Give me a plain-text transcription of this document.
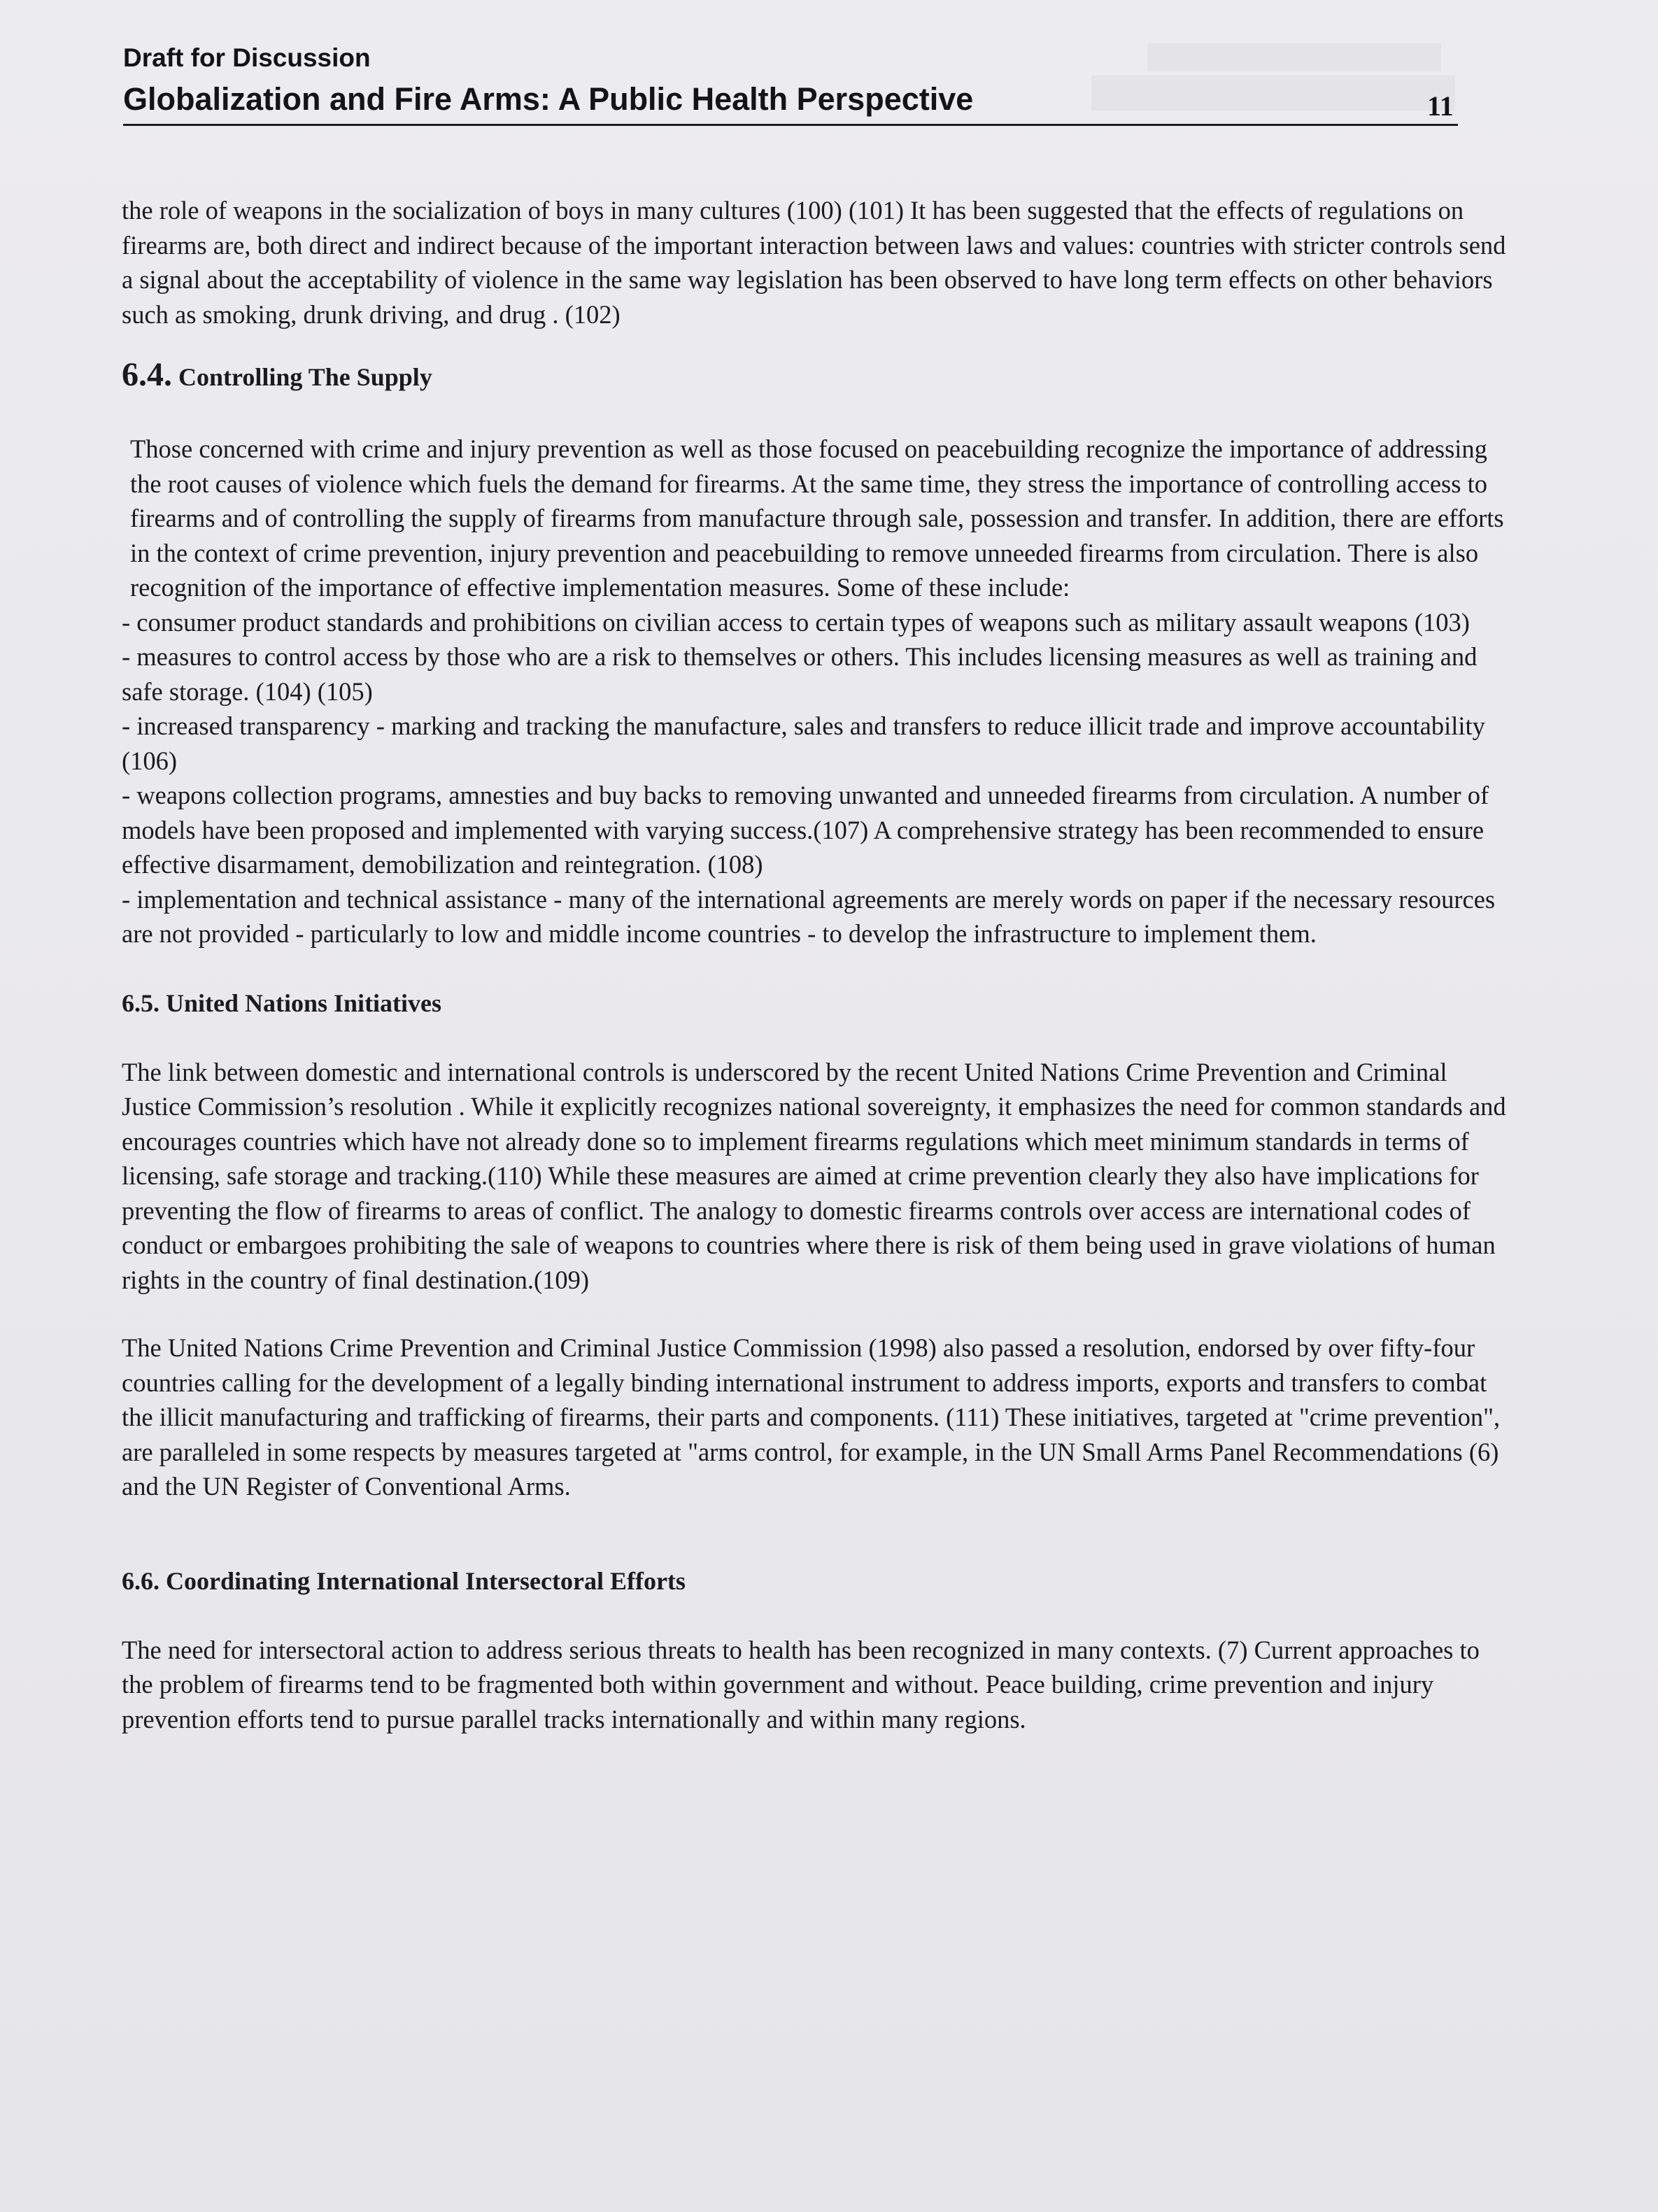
Draft for Discussion
Globalization and Fire Arms: A Public Health Perspective	11

the role of weapons in the socialization of boys in many cultures (100) (101) It has been suggested that the effects of regulations on firearms are, both direct and indirect because of the important interaction between laws and values: countries with stricter controls send a signal about the acceptability of violence in the same way legislation has been observed to have long term effects on other behaviors such as smoking, drunk driving, and drug . (102)

6.4. Controlling The Supply

Those concerned with crime and injury prevention as well as those focused on peacebuilding recognize the importance of addressing the root causes of violence which fuels the demand for firearms. At the same time, they stress the importance of controlling access to firearms and of controlling the supply of firearms from manufacture through sale, possession and transfer. In addition, there are efforts in the context of crime prevention, injury prevention and peacebuilding to remove unneeded firearms from circulation. There is also recognition of the importance of effective implementation measures. Some of these include:

- consumer product standards and prohibitions on civilian access to certain types of weapons such as military assault weapons (103)

- measures to control access by those who are a risk to themselves or others. This includes licensing measures as well as training and safe storage. (104) (105)

- increased transparency - marking and tracking the manufacture, sales and transfers to reduce illicit trade and improve accountability (106)

- weapons collection programs, amnesties and buy backs to removing unwanted and unneeded firearms from circulation. A number of models have been proposed and implemented with varying success.(107) A comprehensive strategy has been recommended to ensure effective disarmament, demobilization and reintegration. (108)

- implementation and technical assistance - many of the international agreements are merely words on paper if the necessary resources are not provided - particularly to low and middle income countries - to develop the infrastructure to implement them.

6.5. United Nations Initiatives

The link between domestic and international controls is underscored by the recent United Nations Crime Prevention and Criminal Justice Commission’s resolution . While it explicitly recognizes national sovereignty, it emphasizes the need for common standards and encourages countries which have not already done so to implement firearms regulations which meet minimum standards in terms of licensing, safe storage and tracking.(110) While these measures are aimed at crime prevention clearly they also have implications for preventing the flow of firearms to areas of conflict. The analogy to domestic firearms controls over access are international codes of conduct or embargoes prohibiting the sale of weapons to countries where there is risk of them being used in grave violations of human rights in the country of final destination.(109)

The United Nations Crime Prevention and Criminal Justice Commission (1998) also passed a resolution, endorsed by over fifty-four countries calling for the development of a legally binding international instrument to address imports, exports and transfers to combat the illicit manufacturing and trafficking of firearms, their parts and components. (111) These initiatives, targeted at "crime prevention", are paralleled in some respects by measures targeted at "arms control, for example, in the UN Small Arms Panel Recommendations (6) and the UN Register of Conventional Arms.

6.6. Coordinating International Intersectoral Efforts

The need for intersectoral action to address serious threats to health has been recognized in many contexts. (7) Current approaches to the problem of firearms tend to be fragmented both within government and without. Peace building, crime prevention and injury prevention efforts tend to pursue parallel tracks internationally and within many regions.
